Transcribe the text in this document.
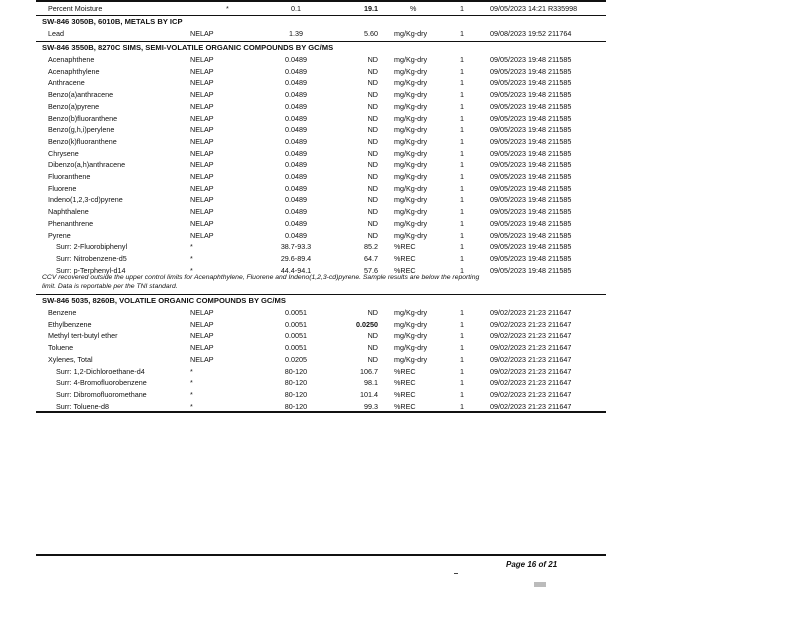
Percent Moisture	*	0.1	19.1	%	1	09/05/2023 14:21 R335998
SW-846 3050B, 6010B, METALS BY ICP
Lead	NELAP	1.39	5.60 mg/Kg-dry	1	09/08/2023 19:52 211764
SW-846 3550B, 8270C SIMS, SEMI-VOLATILE ORGANIC COMPOUNDS BY GC/MS
Acenaphthene	NELAP	0.0489	ND mg/Kg-dry	1	09/05/2023 19:48 211585
Acenaphthylene	NELAP	0.0489	ND mg/Kg-dry	1	09/05/2023 19:48 211585
Anthracene	NELAP	0.0489	ND mg/Kg-dry	1	09/05/2023 19:48 211585
Benzo(a)anthracene	NELAP	0.0489	ND mg/Kg-dry	1	09/05/2023 19:48 211585
Benzo(a)pyrene	NELAP	0.0489	ND mg/Kg-dry	1	09/05/2023 19:48 211585
Benzo(b)fluoranthene	NELAP	0.0489	ND mg/Kg-dry	1	09/05/2023 19:48 211585
Benzo(g,h,i)perylene	NELAP	0.0489	ND mg/Kg-dry	1	09/05/2023 19:48 211585
Benzo(k)fluoranthene	NELAP	0.0489	ND mg/Kg-dry	1	09/05/2023 19:48 211585
Chrysene	NELAP	0.0489	ND mg/Kg-dry	1	09/05/2023 19:48 211585
Dibenzo(a,h)anthracene	NELAP	0.0489	ND mg/Kg-dry	1	09/05/2023 19:48 211585
Fluoranthene	NELAP	0.0489	ND mg/Kg-dry	1	09/05/2023 19:48 211585
Fluorene	NELAP	0.0489	ND mg/Kg-dry	1	09/05/2023 19:48 211585
Indeno(1,2,3-cd)pyrene	NELAP	0.0489	ND mg/Kg-dry	1	09/05/2023 19:48 211585
Naphthalene	NELAP	0.0489	ND mg/Kg-dry	1	09/05/2023 19:48 211585
Phenanthrene	NELAP	0.0489	ND mg/Kg-dry	1	09/05/2023 19:48 211585
Pyrene	NELAP	0.0489	ND mg/Kg-dry	1	09/05/2023 19:48 211585
Surr: 2-Fluorobiphenyl	*	38.7-93.3	85.2 %REC	1	09/05/2023 19:48 211585
Surr: Nitrobenzene-d5	*	29.6-89.4	64.7 %REC	1	09/05/2023 19:48 211585
Surr: p-Terphenyl-d14	*	44.4-94.1	57.6 %REC	1	09/05/2023 19:48 211585
CCV recovered outside the upper control limits for Acenaphthylene, Fluorene and Indeno(1,2,3-cd)pyrene. Sample results are below the reporting
limit. Data is reportable per the TNI standard.
SW-846 5035, 8260B, VOLATILE ORGANIC COMPOUNDS BY GC/MS
Benzene	NELAP	0.0051	ND mg/Kg-dry	1	09/02/2023 21:23 211647
Ethylbenzene	NELAP	0.0051	0.0250 mg/Kg-dry	1	09/02/2023 21:23 211647
Methyl tert-butyl ether	NELAP	0.0051	ND mg/Kg-dry	1	09/02/2023 21:23 211647
Toluene	NELAP	0.0051	ND mg/Kg-dry	1	09/02/2023 21:23 211647
Xylenes, Total	NELAP	0.0205	ND mg/Kg-dry	1	09/02/2023 21:23 211647
Surr: 1,2-Dichloroethane-d4	*	80-120	106.7 %REC	1	09/02/2023 21:23 211647
Surr: 4-Bromofluorobenzene	*	80-120	98.1 %REC	1	09/02/2023 21:23 211647
Surr: Dibromofluoromethane	*	80-120	101.4 %REC	1	09/02/2023 21:23 211647
Surr: Toluene-d8	*	80-120	99.3 %REC	1	09/02/2023 21:23 211647
Page 16 of 21
